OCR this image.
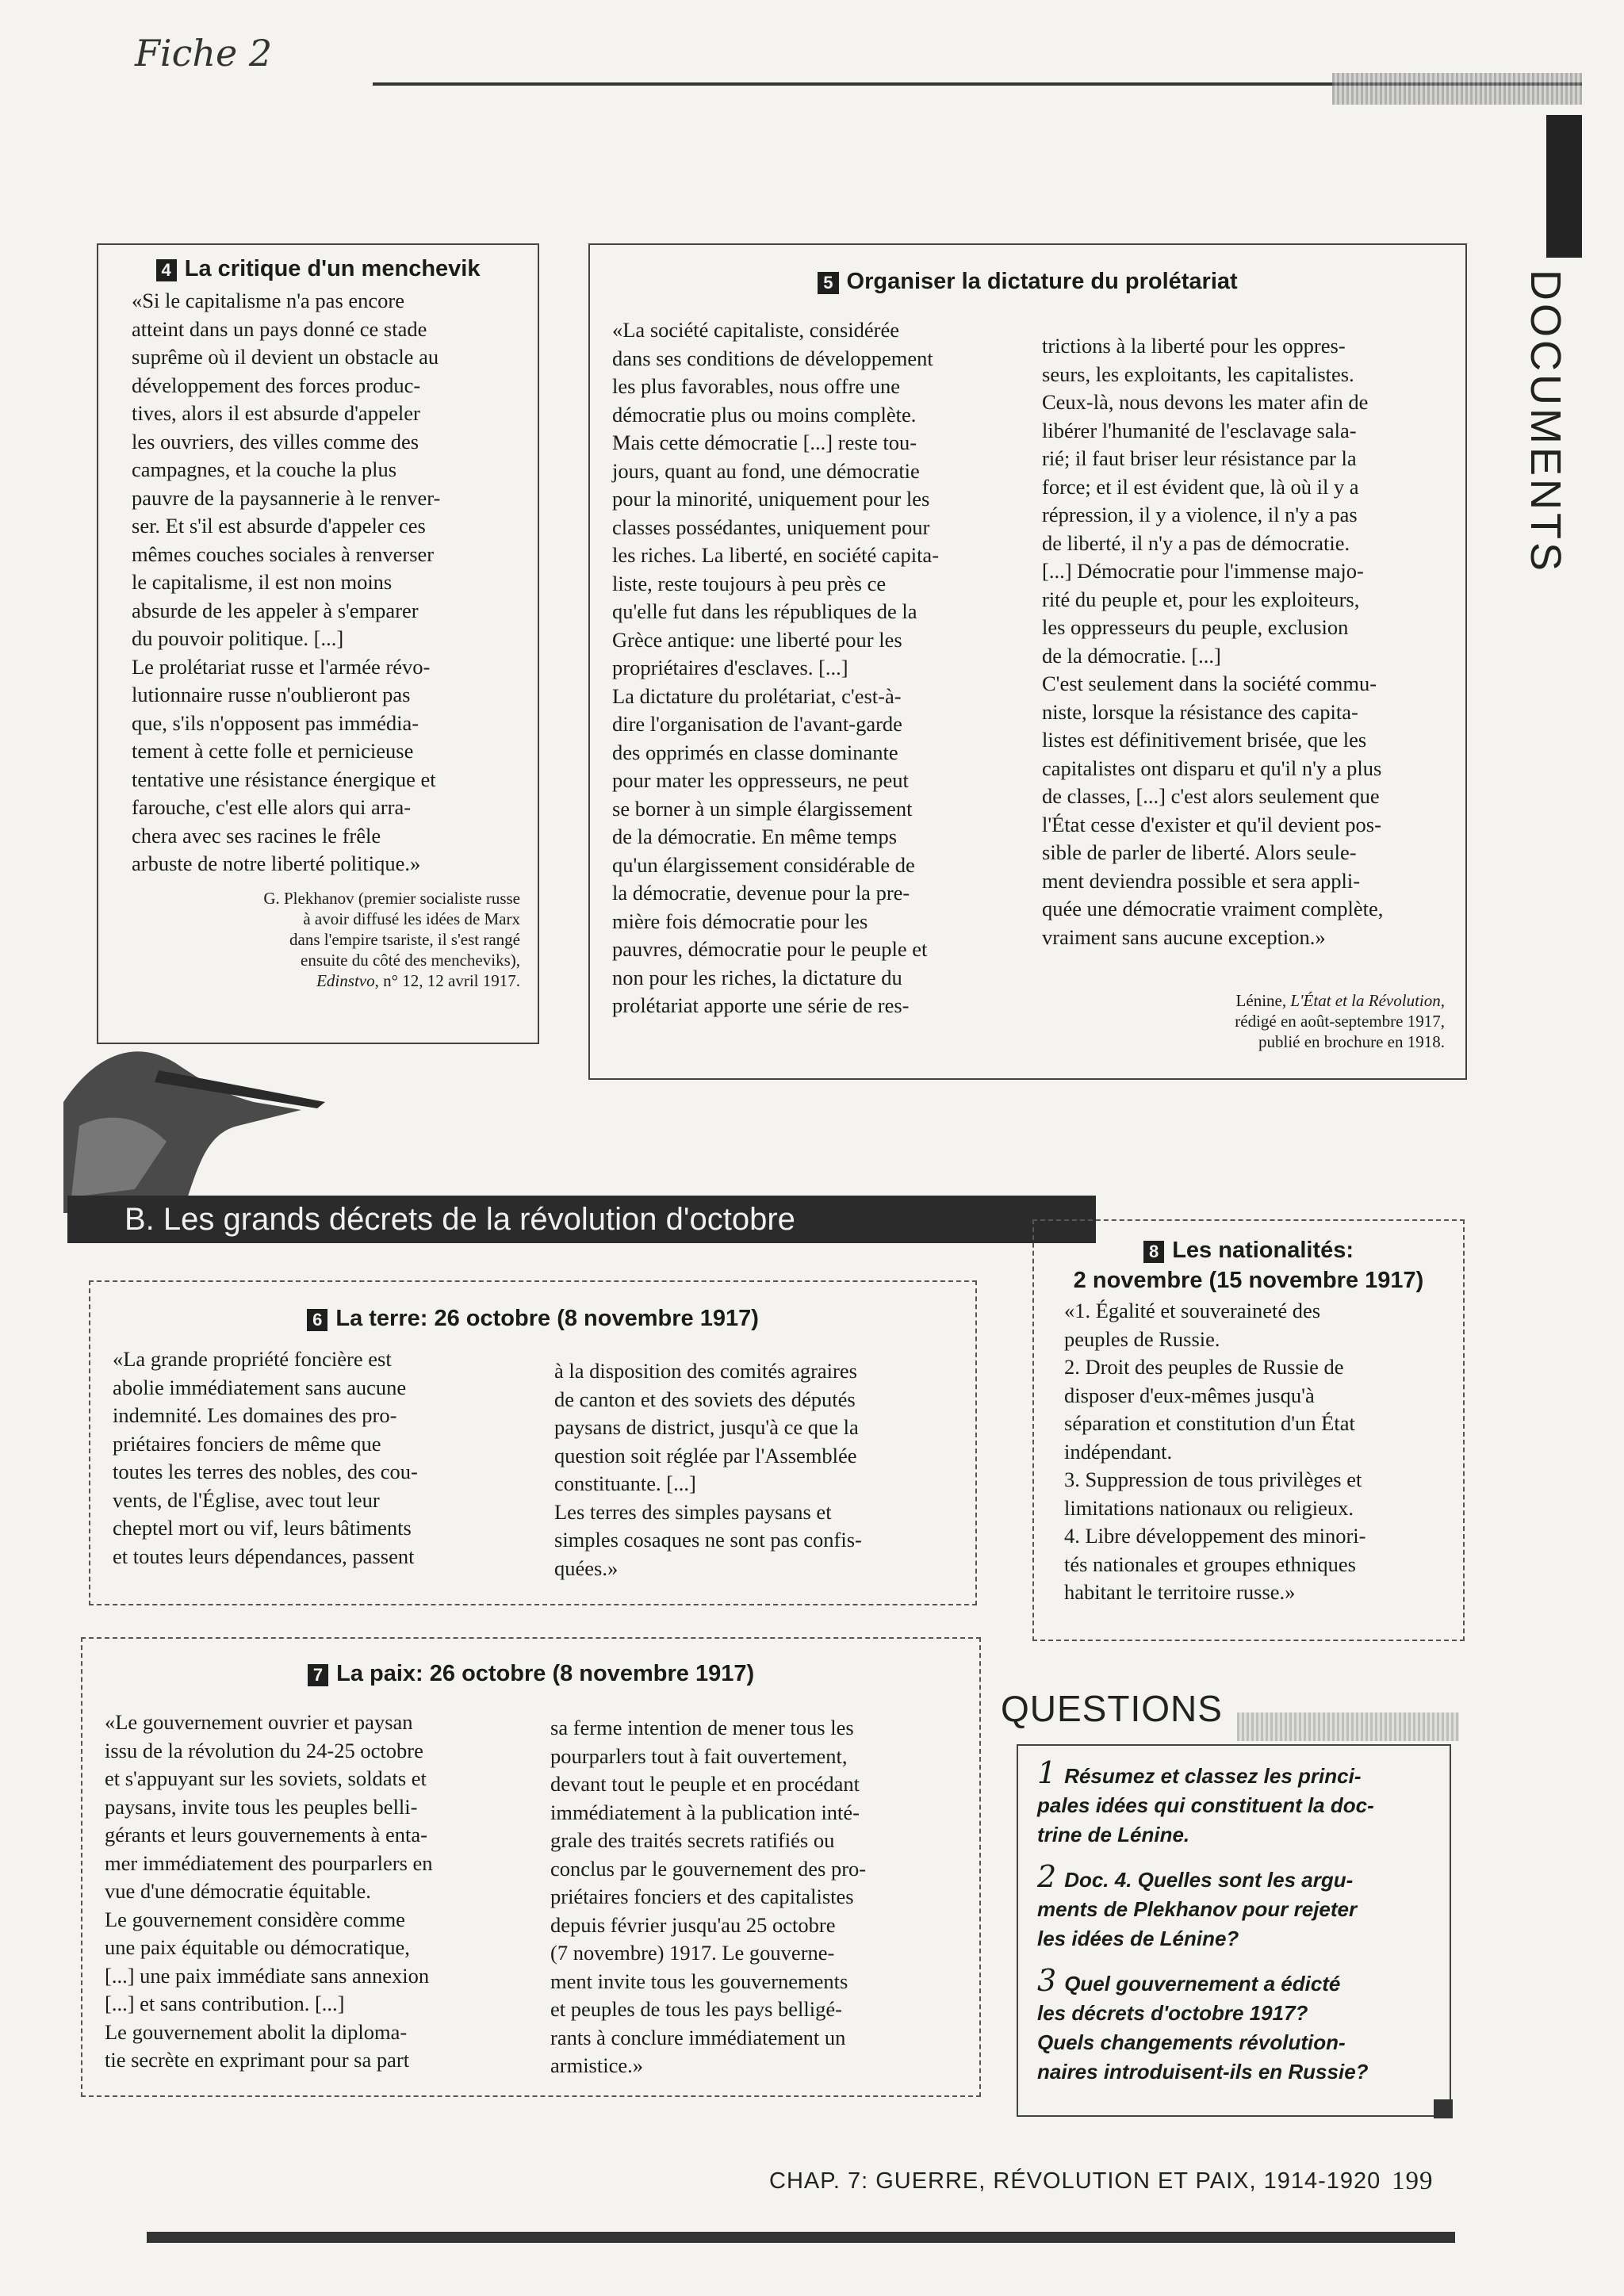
Fiche 2
DOCUMENTS
4 La critique d'un menchevik
«Si le capitalisme n'a pas encore
atteint dans un pays donné ce stade
suprême où il devient un obstacle au
développement des forces produc-
tives, alors il est absurde d'appeler
les ouvriers, des villes comme des
campagnes, et la couche la plus
pauvre de la paysannerie à le renver-
ser. Et s'il est absurde d'appeler ces
mêmes couches sociales à renverser
le capitalisme, il est non moins
absurde de les appeler à s'emparer
du pouvoir politique. [...]
Le prolétariat russe et l'armée révo-
lutionnaire russe n'oublieront pas
que, s'ils n'opposent pas immédia-
tement à cette folle et pernicieuse
tentative une résistance énergique et
farouche, c'est elle alors qui arra-
chera avec ses racines le frêle
arbuste de notre liberté politique.»
G. Plekhanov (premier socialiste russe
à avoir diffusé les idées de Marx
dans l'empire tsariste, il s'est rangé
ensuite du côté des mencheviks),
Edinstvo, n° 12, 12 avril 1917.
5 Organiser la dictature du prolétariat
«La société capitaliste, considérée
dans ses conditions de développement
les plus favorables, nous offre une
démocratie plus ou moins complète.
Mais cette démocratie [...] reste tou-
jours, quant au fond, une démocratie
pour la minorité, uniquement pour les
classes possédantes, uniquement pour
les riches. La liberté, en société capita-
liste, reste toujours à peu près ce
qu'elle fut dans les républiques de la
Grèce antique: une liberté pour les
propriétaires d'esclaves. [...]
La dictature du prolétariat, c'est-à-
dire l'organisation de l'avant-garde
des opprimés en classe dominante
pour mater les oppresseurs, ne peut
se borner à un simple élargissement
de la démocratie. En même temps
qu'un élargissement considérable de
la démocratie, devenue pour la pre-
mière fois démocratie pour les
pauvres, démocratie pour le peuple et
non pour les riches, la dictature du
prolétariat apporte une série de res-
trictions à la liberté pour les oppres-
seurs, les exploitants, les capitalistes.
Ceux-là, nous devons les mater afin de
libérer l'humanité de l'esclavage sala-
rié; il faut briser leur résistance par la
force; et il est évident que, là où il y a
répression, il y a violence, il n'y a pas
de liberté, il n'y a pas de démocratie.
[...] Démocratie pour l'immense majo-
rité du peuple et, pour les exploiteurs,
les oppresseurs du peuple, exclusion
de la démocratie. [...]
C'est seulement dans la société commu-
niste, lorsque la résistance des capita-
listes est définitivement brisée, que les
capitalistes ont disparu et qu'il n'y a plus
de classes, [...] c'est alors seulement que
l'État cesse d'exister et qu'il devient pos-
sible de parler de liberté. Alors seule-
ment deviendra possible et sera appli-
quée une démocratie vraiment complète,
vraiment sans aucune exception.»
Lénine, L'État et la Révolution,
rédigé en août-septembre 1917,
publié en brochure en 1918.
B. Les grands décrets de la révolution d'octobre
6 La terre: 26 octobre (8 novembre 1917)
«La grande propriété foncière est
abolie immédiatement sans aucune
indemnité. Les domaines des pro-
priétaires fonciers de même que
toutes les terres des nobles, des cou-
vents, de l'Église, avec tout leur
cheptel mort ou vif, leurs bâtiments
et toutes leurs dépendances, passent
à la disposition des comités agraires
de canton et des soviets des députés
paysans de district, jusqu'à ce que la
question soit réglée par l'Assemblée
constituante. [...]
Les terres des simples paysans et
simples cosaques ne sont pas confis-
quées.»
8 Les nationalités:
2 novembre (15 novembre 1917)
«1. Égalité et souveraineté des
peuples de Russie.
2. Droit des peuples de Russie de
disposer d'eux-mêmes jusqu'à
séparation et constitution d'un État
indépendant.
3. Suppression de tous privilèges et
limitations nationaux ou religieux.
4. Libre développement des minori-
tés nationales et groupes ethniques
habitant le territoire russe.»
7 La paix: 26 octobre (8 novembre 1917)
«Le gouvernement ouvrier et paysan
issu de la révolution du 24-25 octobre
et s'appuyant sur les soviets, soldats et
paysans, invite tous les peuples belli-
gérants et leurs gouvernements à enta-
mer immédiatement des pourparlers en
vue d'une démocratie équitable.
Le gouvernement considère comme
une paix équitable ou démocratique,
[...] une paix immédiate sans annexion
[...] et sans contribution. [...]
Le gouvernement abolit la diploma-
tie secrète en exprimant pour sa part
sa ferme intention de mener tous les
pourparlers tout à fait ouvertement,
devant tout le peuple et en procédant
immédiatement à la publication inté-
grale des traités secrets ratifiés ou
conclus par le gouvernement des pro-
priétaires fonciers et des capitalistes
depuis février jusqu'au 25 octobre
(7 novembre) 1917. Le gouverne-
ment invite tous les gouvernements
et peuples de tous les pays belligé-
rants à conclure immédiatement un
armistice.»
QUESTIONS
1 Résumez et classez les princi-
pales idées qui constituent la doc-
trine de Lénine.
2 Doc. 4. Quelles sont les argu-
ments de Plekhanov pour rejeter
les idées de Lénine?
3 Quel gouvernement a édicté
les décrets d'octobre 1917?
Quels changements révolution-
naires introduisent-ils en Russie?
CHAP. 7: GUERRE, RÉVOLUTION ET PAIX, 1914-1920 199
